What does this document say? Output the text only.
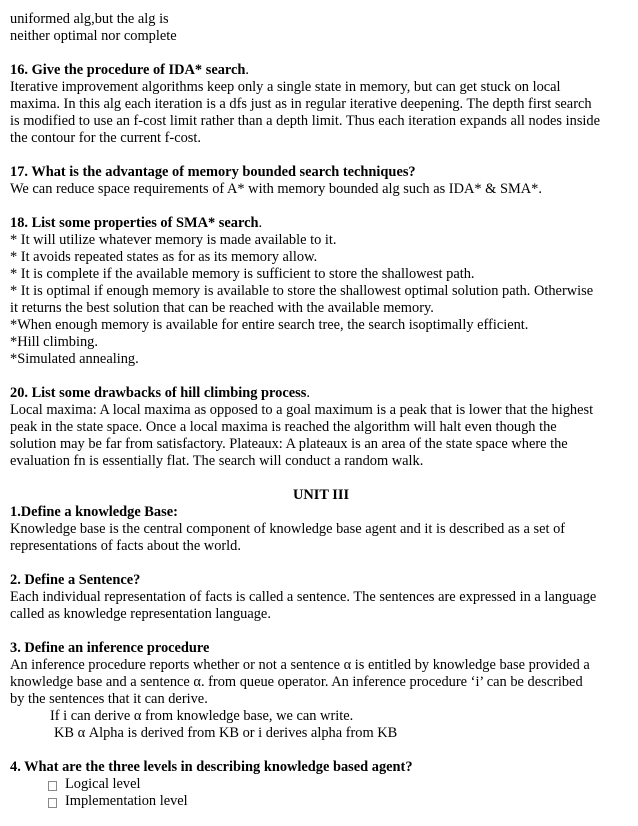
uniformed alg,but the alg is

neither optimal nor complete

16. Give the procedure of IDA* search.

Iterative improvement algorithms keep only a single state in memory, but can get stuck on local

maxima. In this alg each iteration is a dfs just as in regular iterative deepening. The depth first search

is modified to use an f-cost limit rather than a depth limit. Thus each iteration expands all nodes inside

the contour for the current f-cost.

17. What is the advantage of memory bounded search techniques?

We can reduce space requirements of A* with memory bounded alg such as IDA* & SMA*.

18. List some properties of SMA* search.

* It will utilize whatever memory is made available to it.

* It avoids repeated states as for as its memory allow.

* It is complete if the available memory is sufficient to store the shallowest path.

* It is optimal if enough memory is available to store the shallowest optimal solution path. Otherwise

it returns the best solution that can be reached with the available memory.

*When enough memory is available for entire search tree, the search isoptimally efficient.

*Hill climbing.

*Simulated annealing.

20. List some drawbacks of hill climbing process.

Local maxima: A local maxima as opposed to a goal maximum is a peak that is lower that the highest

peak in the state space. Once a local maxima is reached the algorithm will halt even though the

solution may be far from satisfactory. Plateaux: A plateaux is an area of the state space where the

evaluation fn is essentially flat. The search will conduct a random walk.

UNIT III

1.Define a knowledge Base:

Knowledge base is the central component of knowledge base agent and it is described as a set of

representations of facts about the world.

2. Define a Sentence?

Each individual representation of facts is called a sentence. The sentences are expressed in a language

called as knowledge representation language.

3. Define an inference procedure

An inference procedure reports whether or not a sentence α is entitled by knowledge base provided a

knowledge base and a sentence α. from queue operator. An inference procedure ‘i’ can be described

by the sentences that it can derive.

If i can derive α from knowledge base, we can write.

KB α Alpha is derived from KB or i derives alpha from KB

4. What are the three levels in describing knowledge based agent?

Logical level

Implementation level
